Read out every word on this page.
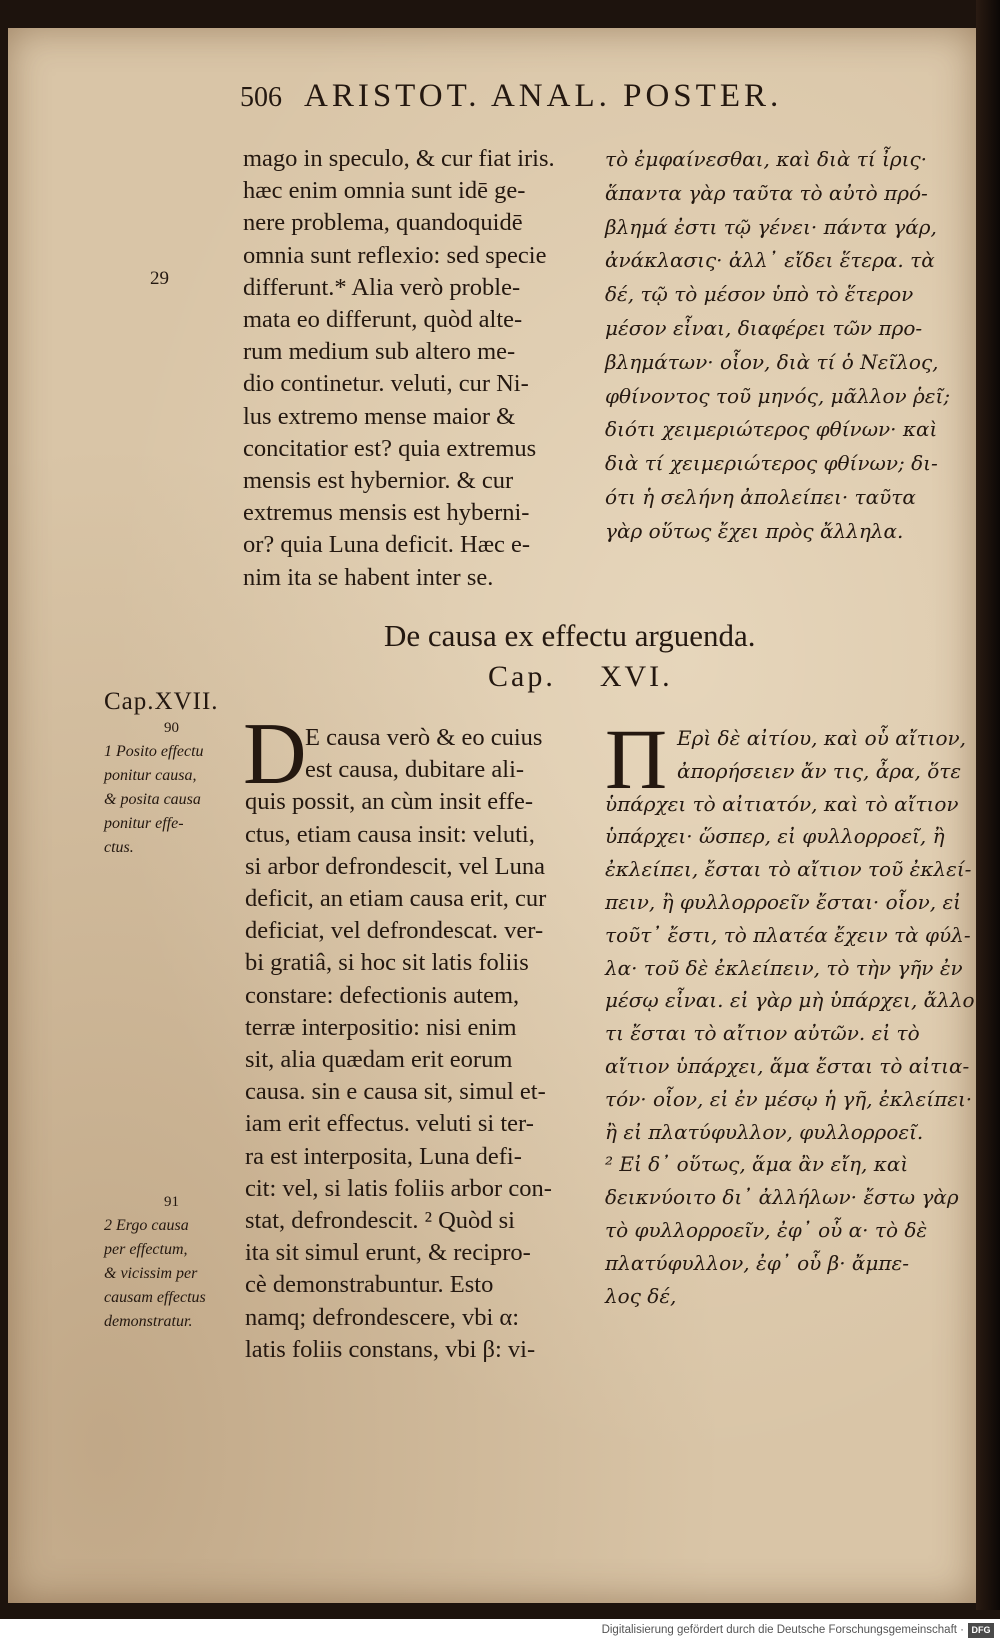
506 ARISTOT. ANAL. POSTER.
mago in speculo, & cur fiat iris.
hæc enim omnia sunt idē ge-
nere problema, quandoquidē
omnia sunt reflexio: sed specie
differunt.* Alia verò proble-
mata eo differunt, quòd alte-
rum medium sub altero me-
dio continetur. veluti, cur Ni-
lus extremo mense maior &
concitatior est? quia extremus
mensis est hybernior. & cur
extremus mensis est hyberni-
or? quia Luna deficit. Hæc e-
nim ita se habent inter se.
29
τὸ ἐμφαίνεσθαι, καὶ διὰ τί ἶρις·
ἅπαντα γὰρ ταῦτα τὸ αὐτὸ πρό-
βλημά ἐστι τῷ γένει· πάντα γάρ,
ἀνάκλασις· ἀλλ᾽ εἴδει ἕτερα. τὰ
δέ, τῷ τὸ μέσον ὑπὸ τὸ ἕτερον
μέσον εἶναι, διαφέρει τῶν προ-
βλημάτων· οἷον, διὰ τί ὁ Νεῖλος,
φθίνοντος τοῦ μηνός, μᾶλλον ῥεῖ;
διότι χειμεριώτερος φθίνων· καὶ
διὰ τί χειμεριώτερος φθίνων; δι-
ότι ἡ σελήνη ἀπολείπει· ταῦτα
γὰρ οὕτως ἔχει πρὸς ἄλληλα.
De causa ex effectu arguenda.
Cap. XVI.
Cap.XVII.
90
1 Posito effectu
ponitur causa,
& posita causa
ponitur effe-
ctus.
91
2 Ergo causa
per effectum,
& vicissim per
causam effectus
demonstratur.
D
E causa verò & eo cuius
est causa, dubitare ali-
quis possit, an cùm insit effe-
ctus, etiam causa insit: veluti,
si arbor defrondescit, vel Luna
deficit, an etiam causa erit, cur
deficiat, vel defrondescat. ver-
bi gratiâ, si hoc sit latis foliis
constare: defectionis autem,
terræ interpositio: nisi enim
sit, alia quædam erit eorum
causa. sin e causa sit, simul et-
iam erit effectus. veluti si ter-
ra est interposita, Luna defi-
cit: vel, si latis foliis arbor con-
stat, defrondescit. ² Quòd si
ita sit simul erunt, & recipro-
cè demonstrabuntur. Esto
namq; defrondescere, vbi α:
latis foliis constans, vbi β: vi-
Π Ερὶ δὲ αἰτίου, καὶ οὗ αἴτιον,
ἀπορήσειεν ἄν τις, ἆρα, ὅτε
ὑπάρχει τὸ αἰτιατόν, καὶ τὸ αἴτιον
ὑπάρχει· ὥσπερ, εἰ φυλλορροεῖ, ἢ
ἐκλείπει, ἔσται τὸ αἴτιον τοῦ ἐκλεί-
πειν, ἢ φυλλορροεῖν ἔσται· οἷον, εἰ
τοῦτ᾽ ἔστι, τὸ πλατέα ἔχειν τὰ φύλ-
λα· τοῦ δὲ ἐκλείπειν, τὸ τὴν γῆν ἐν
μέσῳ εἶναι. εἰ γὰρ μὴ ὑπάρχει, ἄλλο
τι ἔσται τὸ αἴτιον αὐτῶν. εἰ τὸ
αἴτιον ὑπάρχει, ἅμα ἔσται τὸ αἰτια-
τόν· οἷον, εἰ ἐν μέσῳ ἡ γῆ, ἐκλείπει·
ἢ εἰ πλατύφυλλον, φυλλορροεῖ.
² Εἰ δ᾽ οὕτως, ἅμα ἂν εἴη, καὶ
δεικνύοιτο δι᾽ ἀλλήλων· ἔστω γὰρ
τὸ φυλλορροεῖν, ἐφ᾽ οὗ α· τὸ δὲ
πλατύφυλλον, ἐφ᾽ οὗ β· ἄμπε-
λος δέ,
Digitalisierung gefördert durch die Deutsche Forschungsgemeinschaft · DFG
